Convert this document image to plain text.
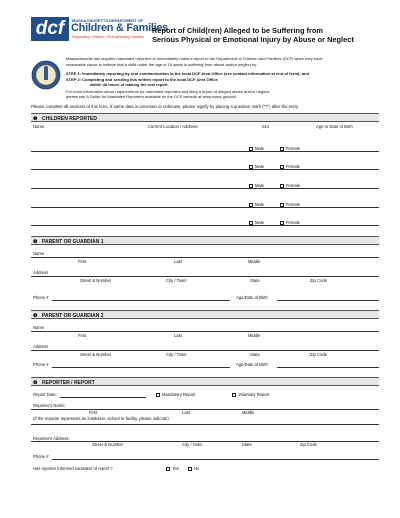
dcf	MASSACHUSETTS DEPARTMENT OF
Children & Families
Supporting Children • Strengthening Families
Report of Child(ren) Alleged to be Suffering from
Serious Physical or Emotional Injury by Abuse or Neglect
Massachusetts law requires mandated reporters to immediately make a report to the Department of Children and Families (DCF) when they have
reasonable cause to believe that a child under the age of 18 years is suffering from abuse and/or neglect by:
STEP 1: Immediately reporting by oral communication to the local DCF Area Office (see contact information at end of form); and
STEP 2: Completing and sending this written report to the local DCF Area Office
within 48 hours of making the oral report.
For more information about requirements for mandated reporters and filing a report of alleged abuse and/or neglect
please see A Guide for Mandated Reporters available on the DCF website at www.mass.gov/dcf.
Please complete all sections of this form. If same data is uncertain or unknown, please signify by placing a question mark ("?") after the entry.
❶ CHILDREN REPORTED
Name	Current Location / Address	Sex	Age or Date of Birth
Male	Female
Male	Female
Male	Female
Male	Female
Male	Female
❷ PARENT OR GUARDIAN 1
Name
First	Last	Middle
Address
Street & Number	City / Town	State	Zip Code
Phone #	Age/Date of Birth
❸ PARENT OR GUARDIAN 2
Name
First	Last	Middle
Address
Street & Number	City / Town	State	Zip Code
Phone #	Age/Date of Birth
❹ REPORTER / REPORT
Report Date:	Mandatory Report	Voluntary Report
Reporter's Name:
First	Last	Middle
(If the reporter represents an institution, school or facility, please indicate)
Reporter's Address:
Street & Number	City / Town	State	Zip Code
Phone #
Has reporter informed caretaker of report ?	Yes	No
